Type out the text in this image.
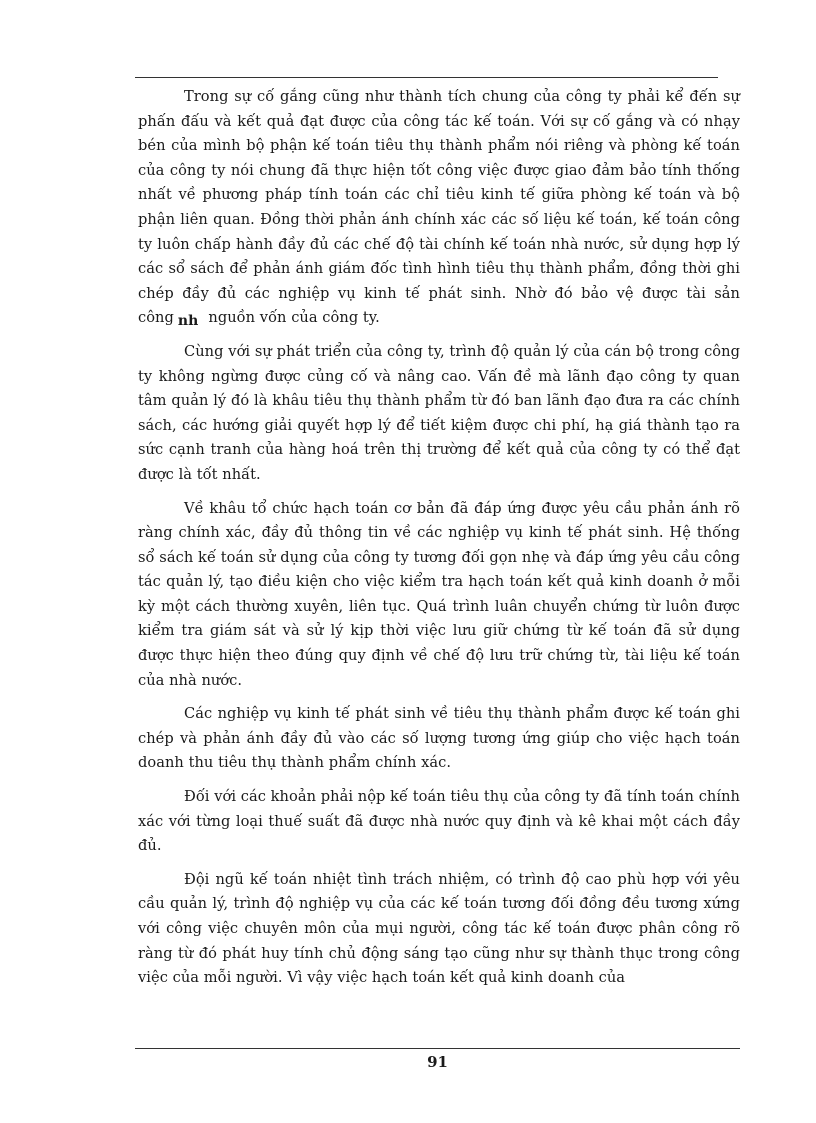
Trong sự cố gắng cũng như thành tích chung của công ty phải kể đến sự phấn đấu và kết quả đạt được của công tác kế toán. Với sự cố gắng và có nhạy bén của mình bộ phận kế toán tiêu thụ thành phẩm nói riêng và phòng kế toán của công ty nói chung đã thực hiện tốt công việc được giao đảm bảo tính thống nhất về phương pháp tính toán các chỉ tiêu kinh tế giữa phòng kế toán và bộ phận liên quan. Đồng thời phản ánh chính xác các số liệu kế toán, kế toán công ty luôn chấp hành đầy đủ các chế độ tài chính kế toán nhà nước, sử dụng hợp lý các sổ sách để phản ánh giám đốc tình hình tiêu thụ thành phẩm, đồng thời ghi chép đầy đủ các nghiệp vụ kinh tế phát sinh. Nhờ đó bảo vệ được tài sản công nh nguồn vốn của công ty.

Cùng với sự phát triển của công ty, trình độ quản lý của cán bộ trong công ty không ngừng được củng cố và nâng cao. Vấn đề mà lãnh đạo công ty quan tâm quản lý đó là khâu tiêu thụ thành phẩm từ đó ban lãnh đạo đưa ra các chính sách, các hướng giải quyết hợp lý để tiết kiệm được chi phí, hạ giá thành tạo ra sức cạnh tranh của hàng hoá trên thị trường để kết quả của công ty có thể đạt được là tốt nhất.

Về khâu tổ chức hạch toán cơ bản đã đáp ứng được yêu cầu phản ánh rõ ràng chính xác, đầy đủ thông tin về các nghiệp vụ kinh tế phát sinh. Hệ thống sổ sách kế toán sử dụng của công ty tương đối gọn nhẹ và đáp ứng yêu cầu công tác quản lý, tạo điều kiện cho việc kiểm tra hạch toán kết quả kinh doanh ở mỗi kỳ một cách thường xuyên, liên tục. Quá trình luân chuyển chứng từ luôn được kiểm tra giám sát và sử lý kịp thời việc lưu giữ chứng từ kế toán đã sử dụng được thực hiện theo đúng quy định về chế độ lưu trữ chứng từ, tài liệu kế toán của nhà nước.

Các nghiệp vụ kinh tế phát sinh về tiêu thụ thành phẩm được kế toán ghi chép và phản ánh đầy đủ vào các số lượng tương ứng giúp cho việc hạch toán doanh thu tiêu thụ thành phẩm chính xác.

Đối với các khoản phải nộp kế toán tiêu thụ của công ty đã tính toán chính xác với từng loại thuế suất đã được nhà nước quy định và kê khai một cách đầy đủ.

Đội ngũ kế toán nhiệt tình trách nhiệm, có trình độ cao phù hợp với yêu cầu quản lý, trình độ nghiệp vụ của các kế toán tương đối đồng đều tương xứng với công việc chuyên môn của mụi người, công tác kế toán được phân công rõ ràng từ đó phát huy tính chủ động sáng tạo cũng như sự thành thục trong công việc của mỗi người. Vì vậy việc hạch toán kết quả kinh doanh của

91
